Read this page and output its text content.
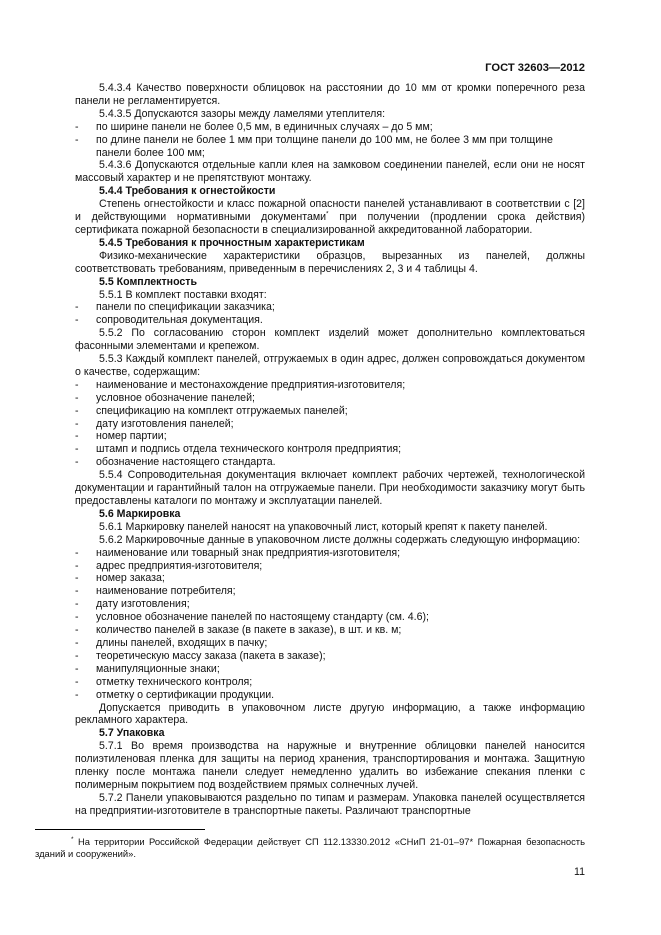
ГОСТ 32603—2012

5.4.3.4 Качество поверхности облицовок на расстоянии до 10 мм от кромки поперечного реза панели не регламентируется.

5.4.3.5 Допускаются зазоры между ламелями утеплителя:

- по ширине панели не более 0,5 мм, в единичных случаях – до 5 мм;

- по длине панели не более 1 мм при толщине панели до 100 мм, не более 3 мм при толщине панели более 100 мм;

5.4.3.6 Допускаются отдельные капли клея на замковом соединении панелей, если они не носят массовый характер и не препятствуют монтажу.

5.4.4 Требования к огнестойкости

Степень огнестойкости и класс пожарной опасности панелей устанавливают в соответствии с [2] и действующими нормативными документами* при получении (продлении срока действия) сертификата пожарной безопасности в специализированной аккредитованной лаборатории.

5.4.5 Требования к прочностным характеристикам

Физико-механические характеристики образцов, вырезанных из панелей, должны соответствовать требованиям, приведенным в перечислениях 2, 3 и 4 таблицы 4.

5.5 Комплектность

5.5.1 В комплект поставки входят:

- панели по спецификации заказчика;

- сопроводительная документация.

5.5.2 По согласованию сторон комплект изделий может дополнительно комплектоваться фасонными элементами и крепежом.

5.5.3 Каждый комплект панелей, отгружаемых в один адрес, должен сопровождаться документом о качестве, содержащим:

- наименование и местонахождение предприятия-изготовителя;

- условное обозначение панелей;

- спецификацию на комплект отгружаемых панелей;

- дату изготовления панелей;

- номер партии;

- штамп и подпись отдела технического контроля предприятия;

- обозначение настоящего стандарта.

5.5.4 Сопроводительная документация включает комплект рабочих чертежей, технологической документации и гарантийный талон на отгружаемые панели. При необходимости заказчику могут быть предоставлены каталоги по монтажу и эксплуатации панелей.

5.6 Маркировка

5.6.1 Маркировку панелей наносят на упаковочный лист, который крепят к пакету панелей.

5.6.2 Маркировочные данные в упаковочном листе должны содержать следующую информацию:

- наименование или товарный знак предприятия-изготовителя;

- адрес предприятия-изготовителя;

- номер заказа;

- наименование потребителя;

- дату изготовления;

- условное обозначение панелей по настоящему стандарту (см. 4.6);

- количество панелей в заказе (в пакете в заказе), в шт. и кв. м;

- длины панелей, входящих в пачку;

- теоретическую массу заказа (пакета в заказе);

- манипуляционные знаки;

- отметку технического контроля;

- отметку о сертификации продукции.

Допускается приводить в упаковочном листе другую информацию, а также информацию рекламного характера.

5.7 Упаковка

5.7.1 Во время производства на наружные и внутренние облицовки панелей наносится полиэтиленовая пленка для защиты на период хранения, транспортирования и монтажа. Защитную пленку после монтажа панели следует немедленно удалить во избежание спекания пленки с полимерным покрытием под воздействием прямых солнечных лучей.

5.7.2 Панели упаковываются раздельно по типам и размерам. Упаковка панелей осуществляется на предприятии-изготовителе в транспортные пакеты. Различают транспортные

* На территории Российской Федерации действует СП 112.13330.2012 «СНиП 21-01–97* Пожарная безопасность зданий и сооружений».
11
